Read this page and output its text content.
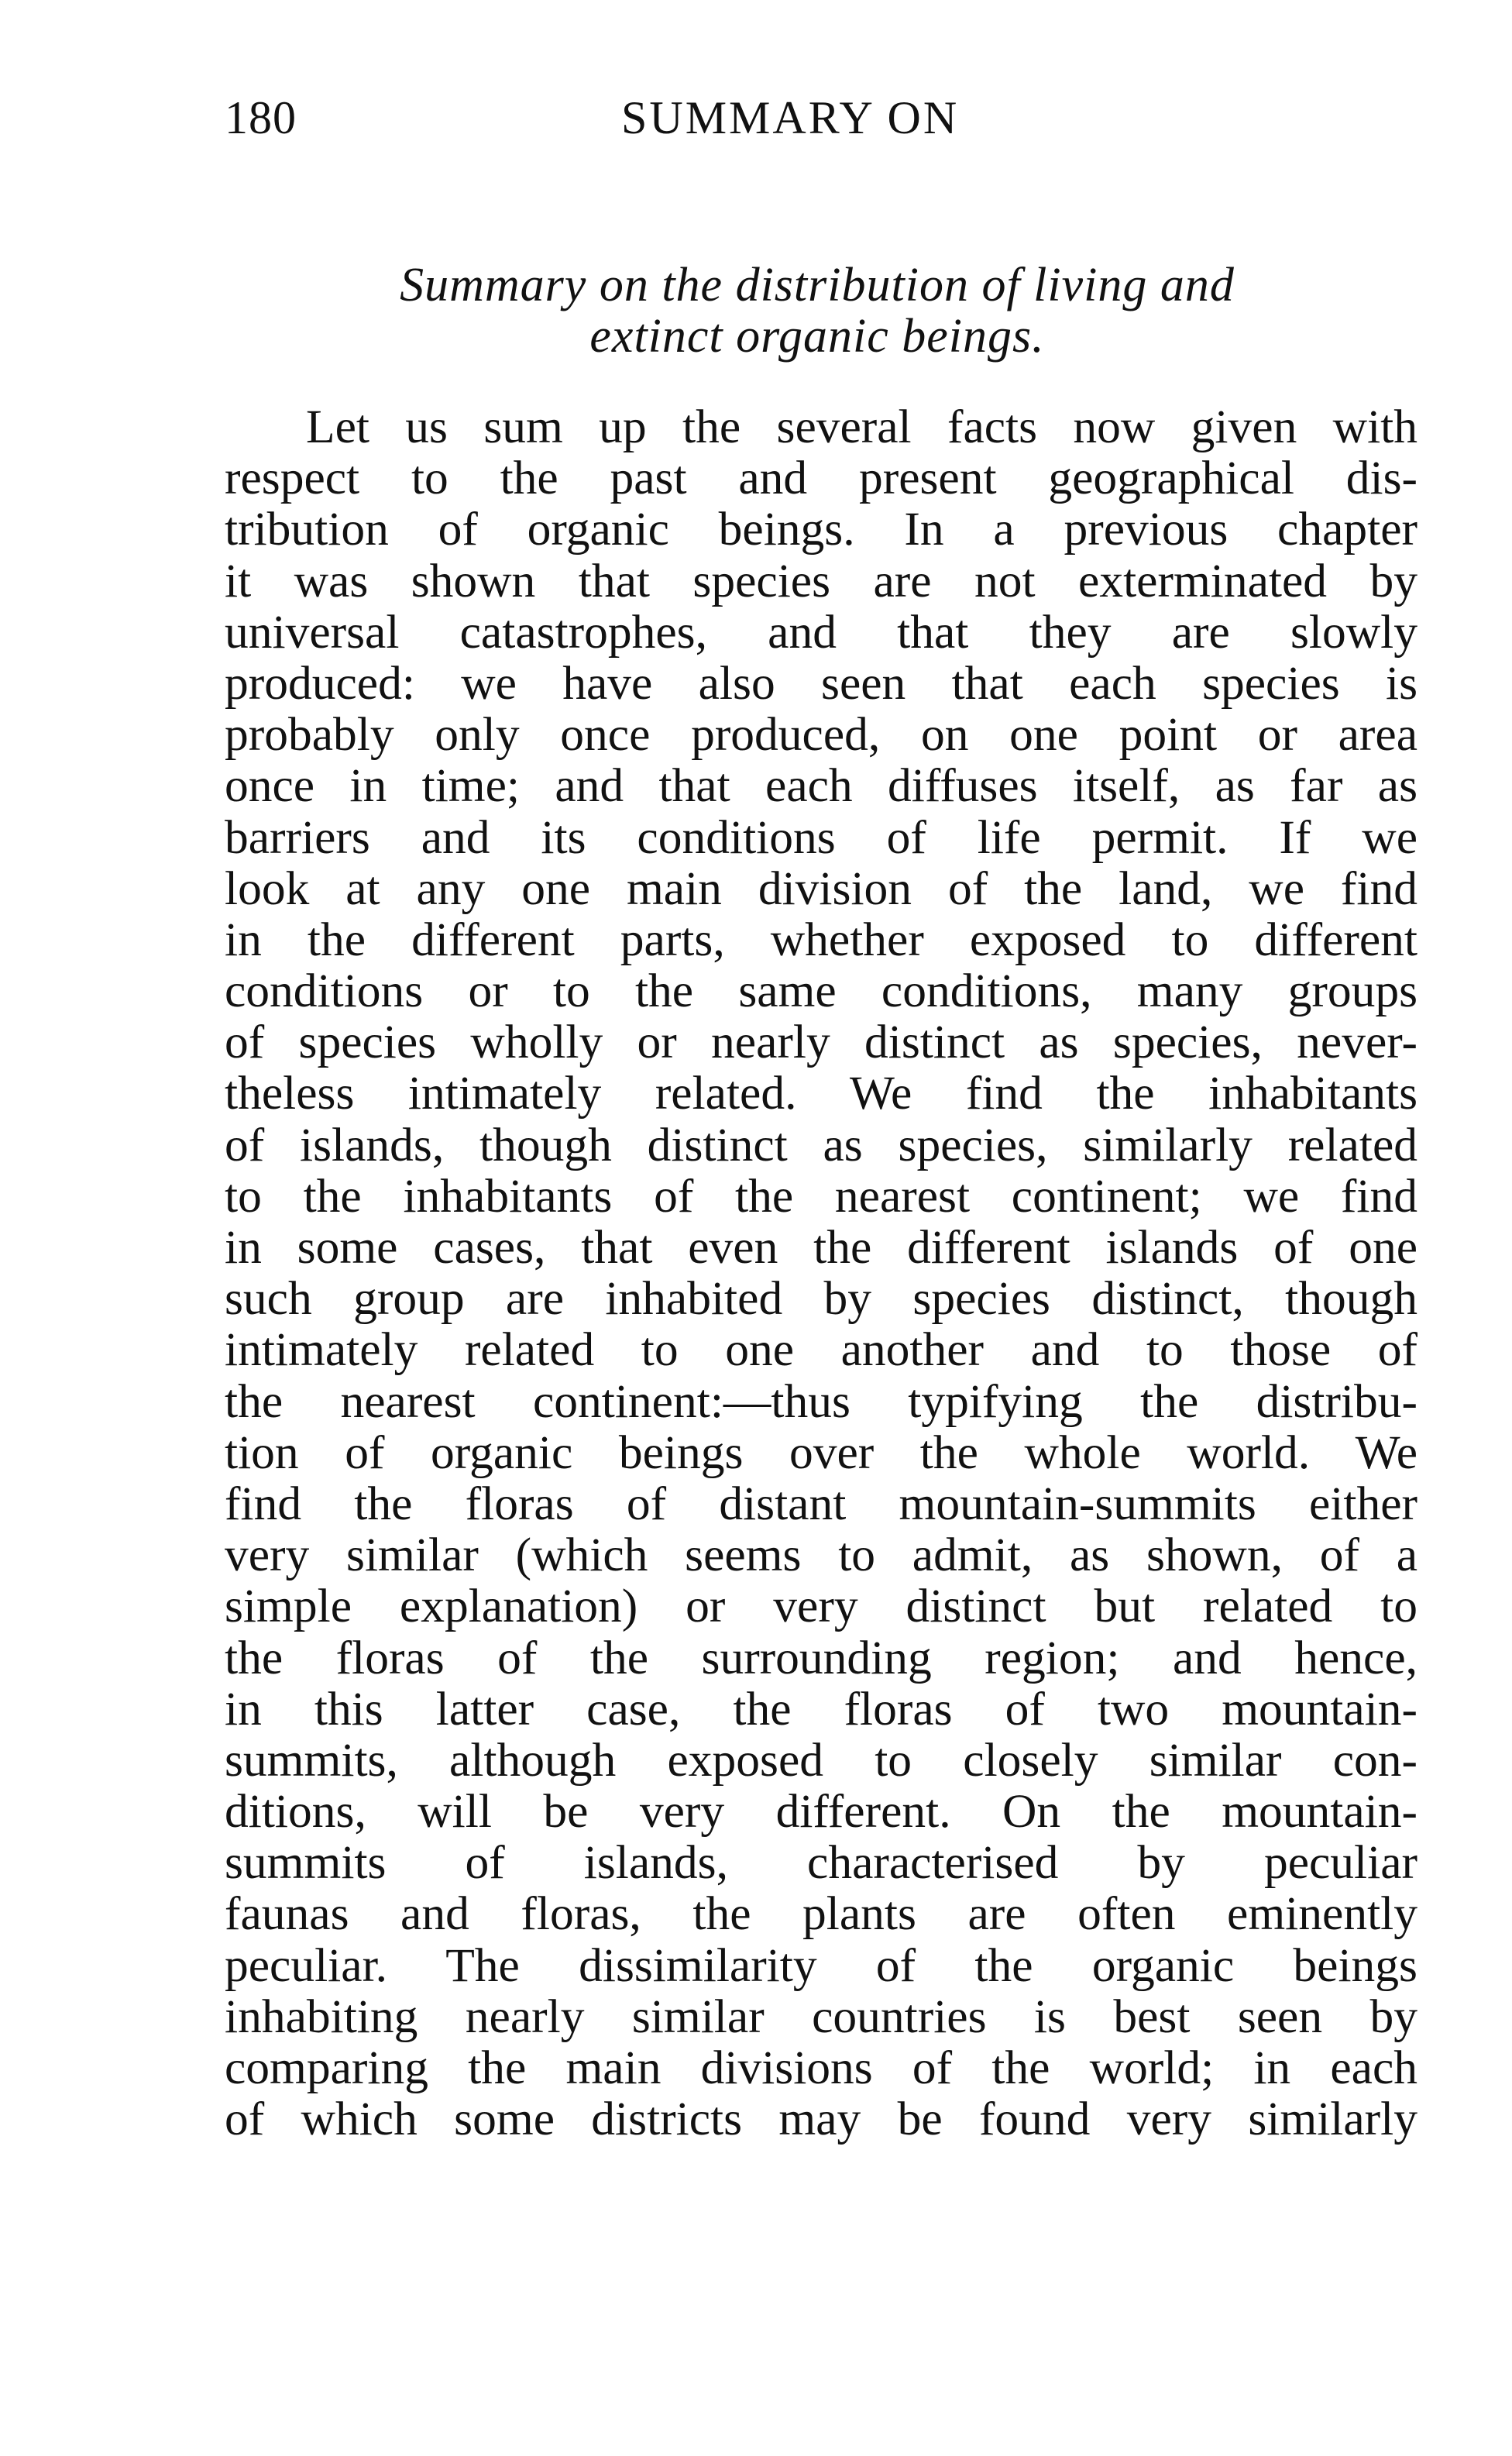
180	SUMMARY ON
Summary on the distribution of living and
extinct organic beings.
Let us sum up the several facts now given with
respect to the past and present geographical dis-
tribution of organic beings. In a previous chapter
it was shown that species are not exterminated by
universal catastrophes, and that they are slowly
produced: we have also seen that each species is
probably only once produced, on one point or area
once in time; and that each diffuses itself, as far as
barriers and its conditions of life permit. If we
look at any one main division of the land, we find
in the different parts, whether exposed to different
conditions or to the same conditions, many groups
of species wholly or nearly distinct as species, never-
theless intimately related. We find the inhabitants
of islands, though distinct as species, similarly related
to the inhabitants of the nearest continent; we find
in some cases, that even the different islands of one
such group are inhabited by species distinct, though
intimately related to one another and to those of
the nearest continent:—thus typifying the distribu-
tion of organic beings over the whole world. We
find the floras of distant mountain-summits either
very similar (which seems to admit, as shown, of a
simple explanation) or very distinct but related to
the floras of the surrounding region; and hence,
in this latter case, the floras of two mountain-
summits, although exposed to closely similar con-
ditions, will be very different. On the mountain-
summits of islands, characterised by peculiar
faunas and floras, the plants are often eminently
peculiar. The dissimilarity of the organic beings
inhabiting nearly similar countries is best seen by
comparing the main divisions of the world; in each
of which some districts may be found very similarly
